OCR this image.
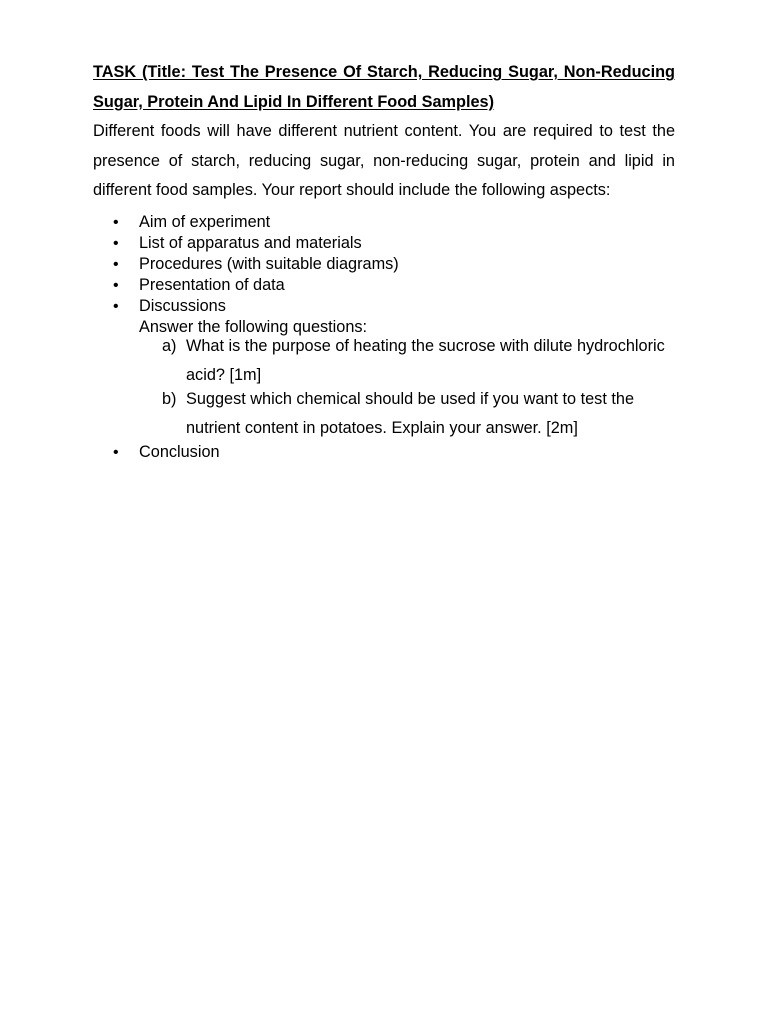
TASK (Title: Test The Presence Of Starch, Reducing Sugar, Non-Reducing Sugar, Protein And Lipid In Different Food Samples)

Different foods will have different nutrient content. You are required to test the presence of starch, reducing sugar, non-reducing sugar, protein and lipid in different food samples. Your report should include the following aspects:

• Aim of experiment
• List of apparatus and materials
• Procedures (with suitable diagrams)
• Presentation of data
• Discussions
Answer the following questions:
a) What is the purpose of heating the sucrose with dilute hydrochloric acid? [1m]
b) Suggest which chemical should be used if you want to test the nutrient content in potatoes. Explain your answer. [2m]
• Conclusion
